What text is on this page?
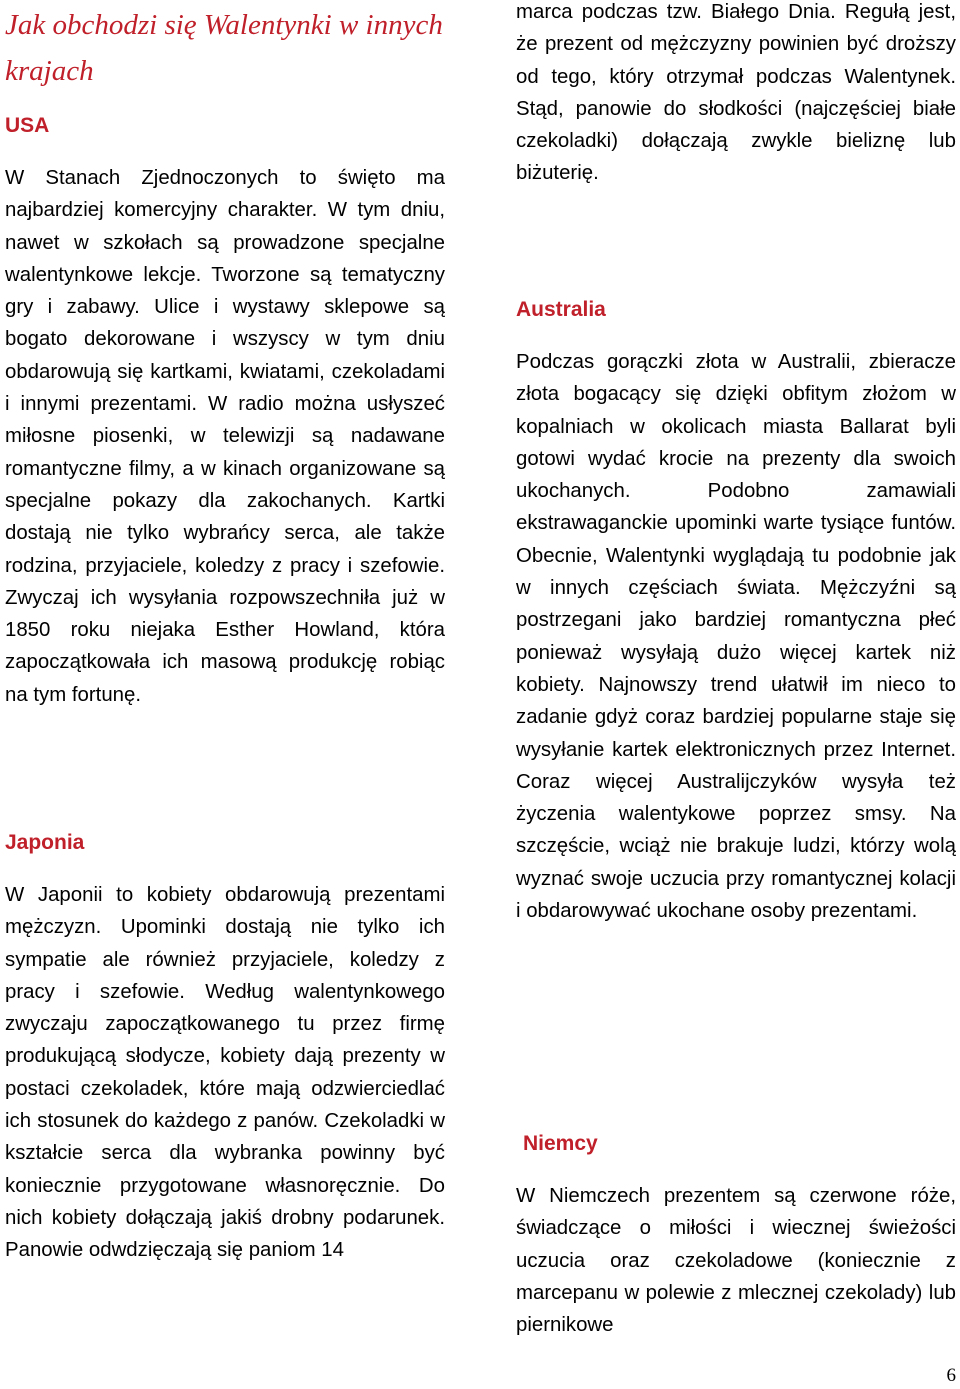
Jak obchodzi się Walentynki w innych krajach
USA

W Stanach Zjednoczonych to święto ma najbardziej komercyjny charakter. W tym dniu, nawet w szkołach są prowadzone specjalne walentynkowe lekcje. Tworzone są tematyczny gry i zabawy. Ulice i wystawy sklepowe są bogato dekorowane i wszyscy w tym dniu obdarowują się kartkami, kwiatami, czekoladami i innymi prezentami. W radio można usłyszeć miłosne piosenki, w telewizji są nadawane romantyczne filmy, a w kinach organizowane są specjalne pokazy dla zakochanych. Kartki dostają nie tylko wybrańcy serca, ale także rodzina, przyjaciele, koledzy z pracy i szefowie. Zwyczaj ich wysyłania rozpowszechniła już w 1850 roku niejaka Esther Howland, która zapoczątkowała ich masową produkcję robiąc na tym fortunę.

Japonia

W Japonii to kobiety obdarowują prezentami mężczyzn. Upominki dostają nie tylko ich sympatie ale również przyjaciele, koledzy z pracy i szefowie. Według walentynkowego zwyczaju zapoczątkowanego tu przez firmę produkującą słodycze, kobiety dają prezenty w postaci czekoladek, które mają odzwierciedlać ich stosunek do każdego z panów. Czekoladki w kształcie serca dla wybranka powinny być koniecznie przygotowane własnoręcznie. Do nich kobiety dołączają jakiś drobny podarunek. Panowie odwdzięczają się paniom 14

marca podczas tzw. Białego Dnia. Regułą jest, że prezent od mężczyzny powinien być droższy od tego, który otrzymał podczas Walentynek. Stąd, panowie do słodkości (najczęściej białe czekoladki) dołączają zwykle bieliznę lub biżuterię.

Australia

Podczas gorączki złota w Australii, zbieracze złota bogacący się dzięki obfitym złożom w kopalniach w okolicach miasta Ballarat byli gotowi wydać krocie na prezenty dla swoich ukochanych. Podobno zamawiali ekstrawaganckie upominki warte tysiące funtów. Obecnie, Walentynki wyglądają tu podobnie jak w innych częściach świata. Mężczyźni są postrzegani jako bardziej romantyczna płeć ponieważ wysyłają dużo więcej kartek niż kobiety. Najnowszy trend ułatwił im nieco to zadanie gdyż coraz bardziej popularne staje się wysyłanie kartek elektronicznych przez Internet. Coraz więcej Australijczyków wysyła też życzenia walentykowe poprzez smsy. Na szczęście, wciąż nie brakuje ludzi, którzy wolą wyznać swoje uczucia przy romantycznej kolacji i obdarowywać ukochane osoby prezentami.

Niemcy

W Niemczech prezentem są czerwone róże, świadczące o miłości i wiecznej świeżości uczucia oraz czekoladowe (koniecznie z marcepanu w polewie z mlecznej czekolady) lub piernikowe

6
